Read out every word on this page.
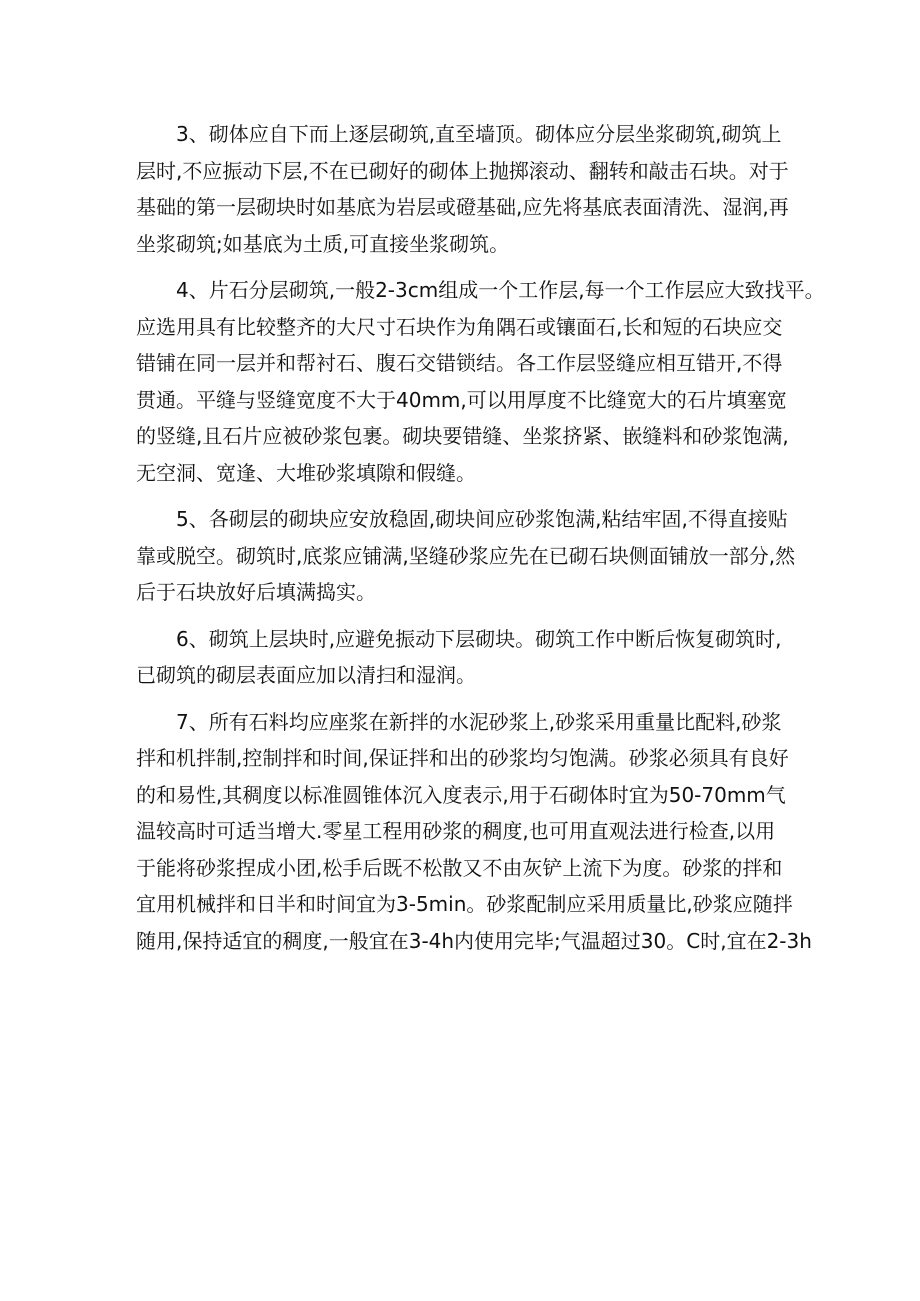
3、砌体应自下而上逐层砌筑,直至墙顶。砌体应分层坐浆砌筑,砌筑上
层时,不应振动下层,不在已砌好的砌体上抛掷滚动、翻转和敲击石块。对于
基础的第一层砌块时如基底为岩层或磴基础,应先将基底表面清洗、湿润,再
坐浆砌筑;如基底为土质,可直接坐浆砌筑。
4、片石分层砌筑,一般2-3cm组成一个工作层,每一个工作层应大致找平。
应选用具有比较整齐的大尺寸石块作为角隅石或镶面石,长和短的石块应交
错铺在同一层并和帮衬石、腹石交错锁结。各工作层竖缝应相互错开,不得
贯通。平缝与竖缝宽度不大于40mm,可以用厚度不比缝宽大的石片填塞宽
的竖缝,且石片应被砂浆包裹。砌块要错缝、坐浆挤紧、嵌缝料和砂浆饱满,
无空洞、宽逢、大堆砂浆填隙和假缝。
5、各砌层的砌块应安放稳固,砌块间应砂浆饱满,粘结牢固,不得直接贴
靠或脱空。砌筑时,底浆应铺满,坚缝砂浆应先在已砌石块侧面铺放一部分,然
后于石块放好后填满捣实。
6、砌筑上层块时,应避免振动下层砌块。砌筑工作中断后恢复砌筑时,
已砌筑的砌层表面应加以清扫和湿润。
7、所有石料均应座浆在新拌的水泥砂浆上,砂浆采用重量比配料,砂浆
拌和机拌制,控制拌和时间,保证拌和出的砂浆均匀饱满。砂浆必须具有良好
的和易性,其稠度以标准圆锥体沉入度表示,用于石砌体时宜为50-70mm气
温较高时可适当增大.零星工程用砂浆的稠度,也可用直观法进行检查,以用
于能将砂浆捏成小团,松手后既不松散又不由灰铲上流下为度。砂浆的拌和
宜用机械拌和日半和时间宜为3-5min。砂浆配制应采用质量比,砂浆应随拌
随用,保持适宜的稠度,一般宜在3-4h内使用完毕;气温超过30。C时,宜在2-3h
